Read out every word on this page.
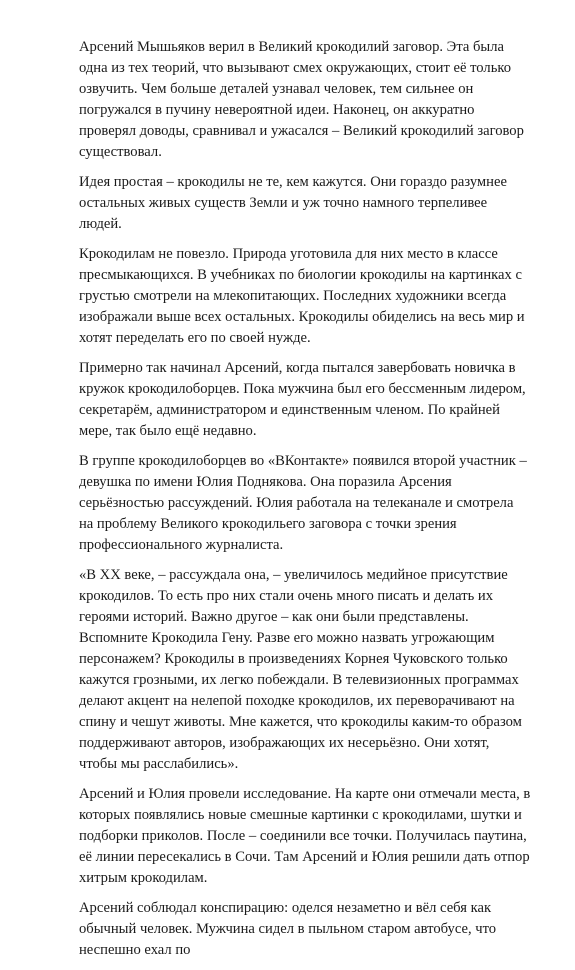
Арсений Мышьяков верил в Великий крокодилий заговор. Эта была одна из тех теорий, что вызывают смех окружающих, стоит её только озвучить. Чем больше деталей узнавал человек, тем сильнее он погружался в пучину невероятной идеи. Наконец, он аккуратно проверял доводы, сравнивал и ужасался – Великий крокодилий заговор существовал.

Идея простая – крокодилы не те, кем кажутся. Они гораздо разумнее остальных живых существ Земли и уж точно намного терпеливее людей.

Крокодилам не повезло. Природа уготовила для них место в классе пресмыкающихся. В учебниках по биологии крокодилы на картинках с грустью смотрели на млекопитающих. Последних художники всегда изображали выше всех остальных. Крокодилы обиделись на весь мир и хотят переделать его по своей нужде.

Примерно так начинал Арсений, когда пытался завербовать новичка в кружок крокодилоборцев. Пока мужчина был его бессменным лидером, секретарём, администратором и единственным членом. По крайней мере, так было ещё недавно.

В группе крокодилоборцев во «ВКонтакте» появился второй участник – девушка по имени Юлия Поднякова. Она поразила Арсения серьёзностью рассуждений. Юлия работала на телеканале и смотрела на проблему Великого крокодильего заговора с точки зрения профессионального журналиста.

«В XX веке, – рассуждала она, – увеличилось медийное присутствие крокодилов. То есть про них стали очень много писать и делать их героями историй. Важно другое – как они были представлены. Вспомните Крокодила Гену. Разве его можно назвать угрожающим персонажем? Крокодилы в произведениях Корнея Чуковского только кажутся грозными, их легко побеждали. В телевизионных программах делают акцент на нелепой походке крокодилов, их переворачивают на спину и чешут животы. Мне кажется, что крокодилы каким-то образом поддерживают авторов, изображающих их несерьёзно. Они хотят, чтобы мы расслабились».

Арсений и Юлия провели исследование. На карте они отмечали места, в которых появлялись новые смешные картинки с крокодилами, шутки и подборки приколов. После – соединили все точки. Получилась паутина, её линии пересекались в Сочи. Там Арсений и Юлия решили дать отпор хитрым крокодилам.

Арсений соблюдал конспирацию: оделся незаметно и вёл себя как обычный человек. Мужчина сидел в пыльном старом автобусе, что неспешно ехал по
